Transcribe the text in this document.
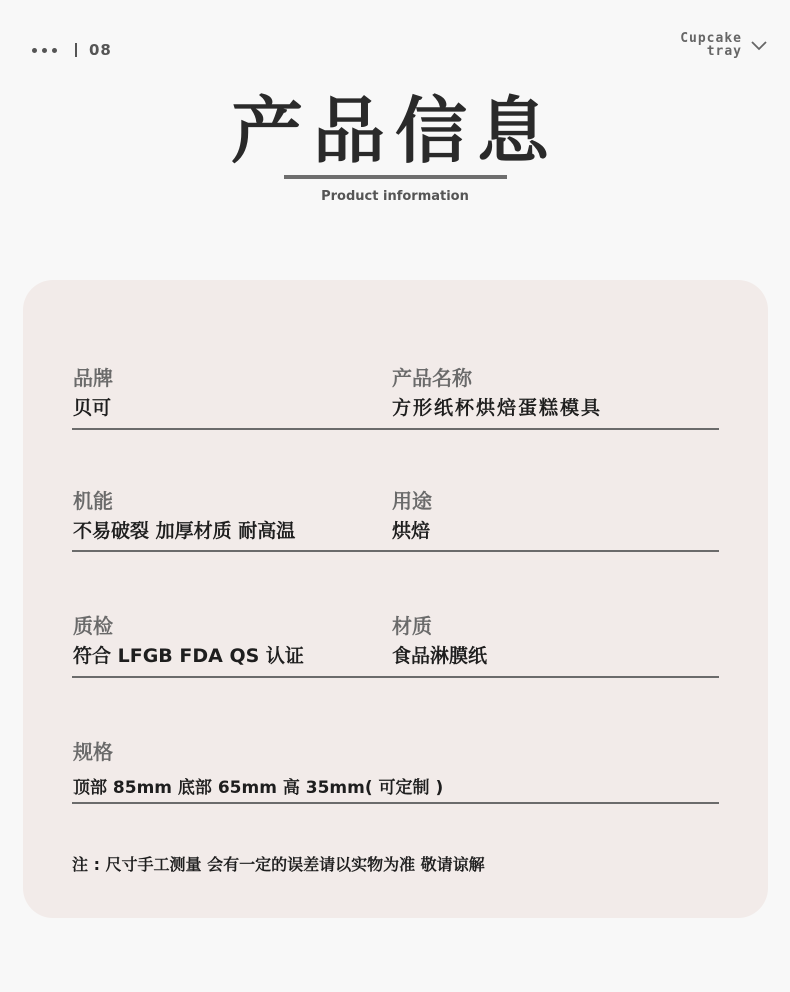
08
Cupcake
tray
产品信息
Product information
品牌
贝可
产品名称
方形纸杯烘焙蛋糕模具
机能
不易破裂 加厚材质 耐高温
用途
烘焙
质检
符合 LFGB FDA QS 认证
材质
食品淋膜纸
规格
顶部 85mm 底部 65mm 高 35mm( 可定制 )
注 : 尺寸手工测量 会有一定的误差请以实物为准 敬请谅解
